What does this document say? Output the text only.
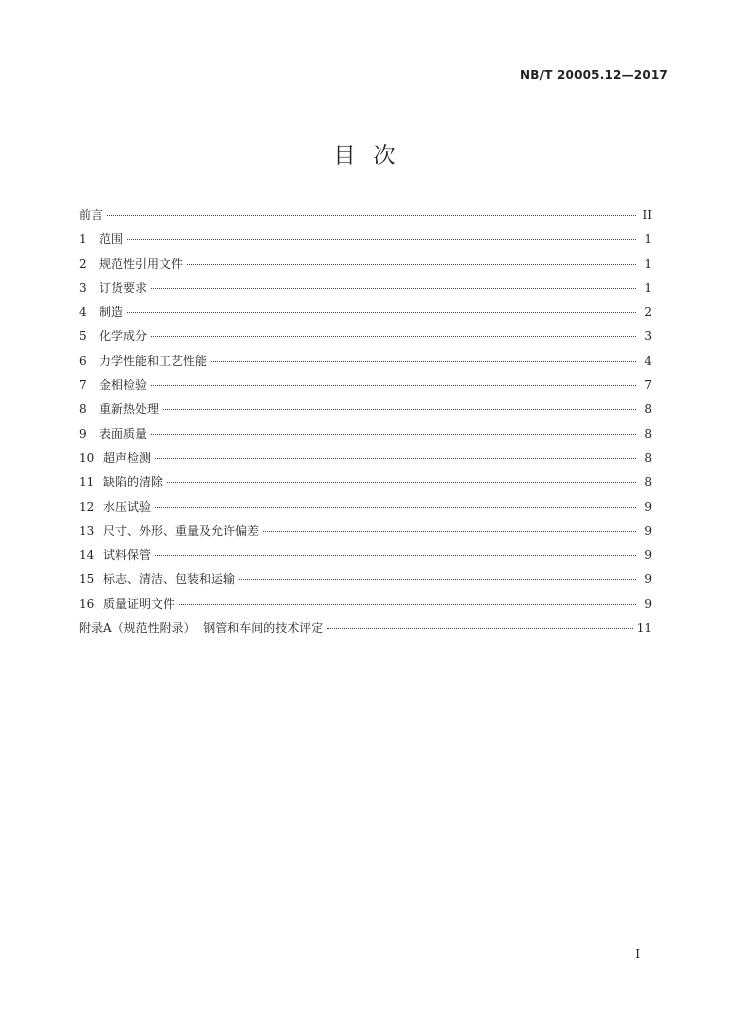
NB/T 20005.12—2017
目次
前言	II
1	范围	1
2	规范性引用文件	1
3	订货要求	1
4	制造	2
5	化学成分	3
6	力学性能和工艺性能	4
7	金相检验	7
8	重新热处理	8
9	表面质量	8
10 超声检测	8
11 缺陷的清除	8
12 水压试验	9
13 尺寸、外形、重量及允许偏差	9
14 试料保管	9
15 标志、清洁、包装和运输	9
16 质量证明文件	9
附录A（规范性附录）  钢管和车间的技术评定	11
I
